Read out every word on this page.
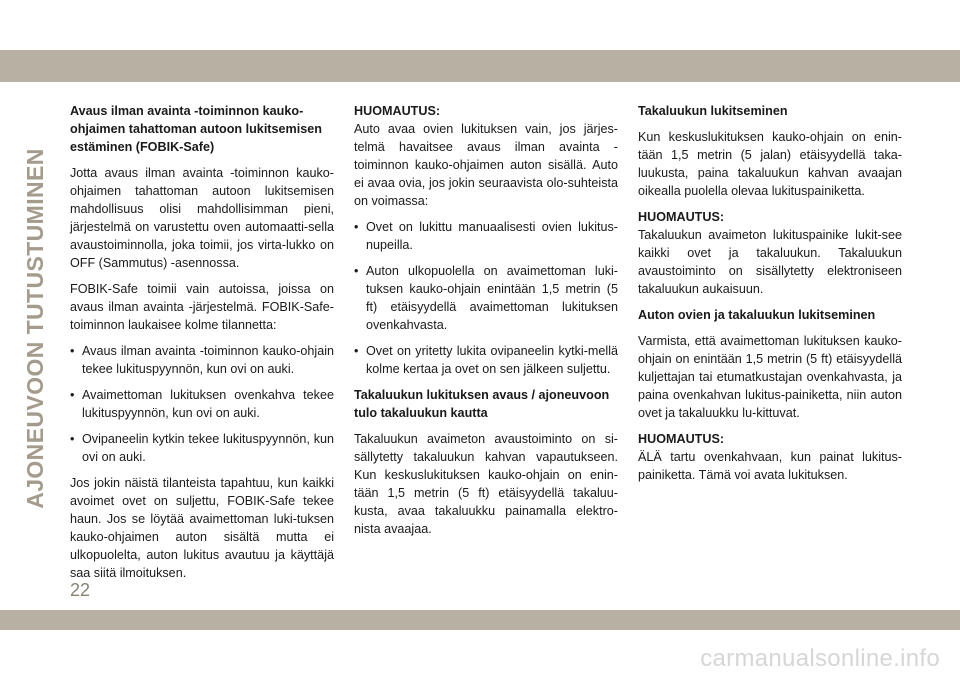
AJONEUVOON TUTUSTUMINEN

Avaus ilman avainta -toiminnon kauko-ohjaimen tahattoman autoon lukitsemisen estäminen (FOBIK-Safe)

Jotta avaus ilman avainta -toiminnon kauko-ohjaimen tahattoman autoon lukitsemisen mahdollisuus olisi mahdollisimman pieni, järjestelmä on varustettu oven automaatti-sella avaustoiminnolla, joka toimii, jos virta-lukko on OFF (Sammutus) -asennossa.

FOBIK-Safe toimii vain autoissa, joissa on avaus ilman avainta -järjestelmä. FOBIK-Safe-toiminnon laukaisee kolme tilannetta:

• Avaus ilman avainta -toiminnon kauko-ohjain tekee lukituspyynnön, kun ovi on auki.
• Avaimettoman lukituksen ovenkahva tekee lukituspyynnön, kun ovi on auki.
• Ovipaneelin kytkin tekee lukituspyynnön, kun ovi on auki.

Jos jokin näistä tilanteista tapahtuu, kun kaikki avoimet ovet on suljettu, FOBIK-Safe tekee haun. Jos se löytää avaimettoman luki-tuksen kauko-ohjaimen auton sisältä mutta ei ulkopuolelta, auton lukitus avautuu ja käyttäjä saa siitä ilmoituksen.

HUOMAUTUS:
Auto avaa ovien lukituksen vain, jos järjes-telmä havaitsee avaus ilman avainta -toiminnon kauko-ohjaimen auton sisällä. Auto ei avaa ovia, jos jokin seuraavista olo-suhteista on voimassa:
• Ovet on lukittu manuaalisesti ovien lukitus-nupeilla.
• Auton ulkopuolella on avaimettoman luki-tuksen kauko-ohjain enintään 1,5 metrin (5 ft) etäisyydellä avaimettoman lukituksen ovenkahvasta.
• Ovet on yritetty lukita ovipaneelin kytki-mellä kolme kertaa ja ovet on sen jälkeen suljettu.

Takaluukun lukituksen avaus / ajoneuvoon tulo takaluukun kautta

Takaluukun avaimeton avaustoiminto on si-sällytetty takaluukun kahvan vapautukseen. Kun keskuslukituksen kauko-ohjain on enin-tään 1,5 metrin (5 ft) etäisyydellä takaluu-kusta, avaa takaluukku painamalla elektro-nista avaajaa.

Takaluukun lukitseminen

Kun keskuslukituksen kauko-ohjain on enin-tään 1,5 metrin (5 jalan) etäisyydellä taka-luukusta, paina takaluukun kahvan avaajan oikealla puolella olevaa lukituspainiketta.

HUOMAUTUS:
Takaluukun avaimeton lukituspainike lukit-see kaikki ovet ja takaluukun. Takaluukun avaustoiminto on sisällytetty elektroniseen takaluukun aukaisuun.

Auton ovien ja takaluukun lukitseminen

Varmista, että avaimettoman lukituksen kauko-ohjain on enintään 1,5 metrin (5 ft) etäisyydellä kuljettajan tai etumatkustajan ovenkahvasta, ja paina ovenkahvan lukitus-painiketta, niin auton ovet ja takaluukku lu-kittuvat.

HUOMAUTUS:
ÄLÄ tartu ovenkahvaan, kun painat lukitus-painiketta. Tämä voi avata lukituksen.
22
carmanualsonline.info
